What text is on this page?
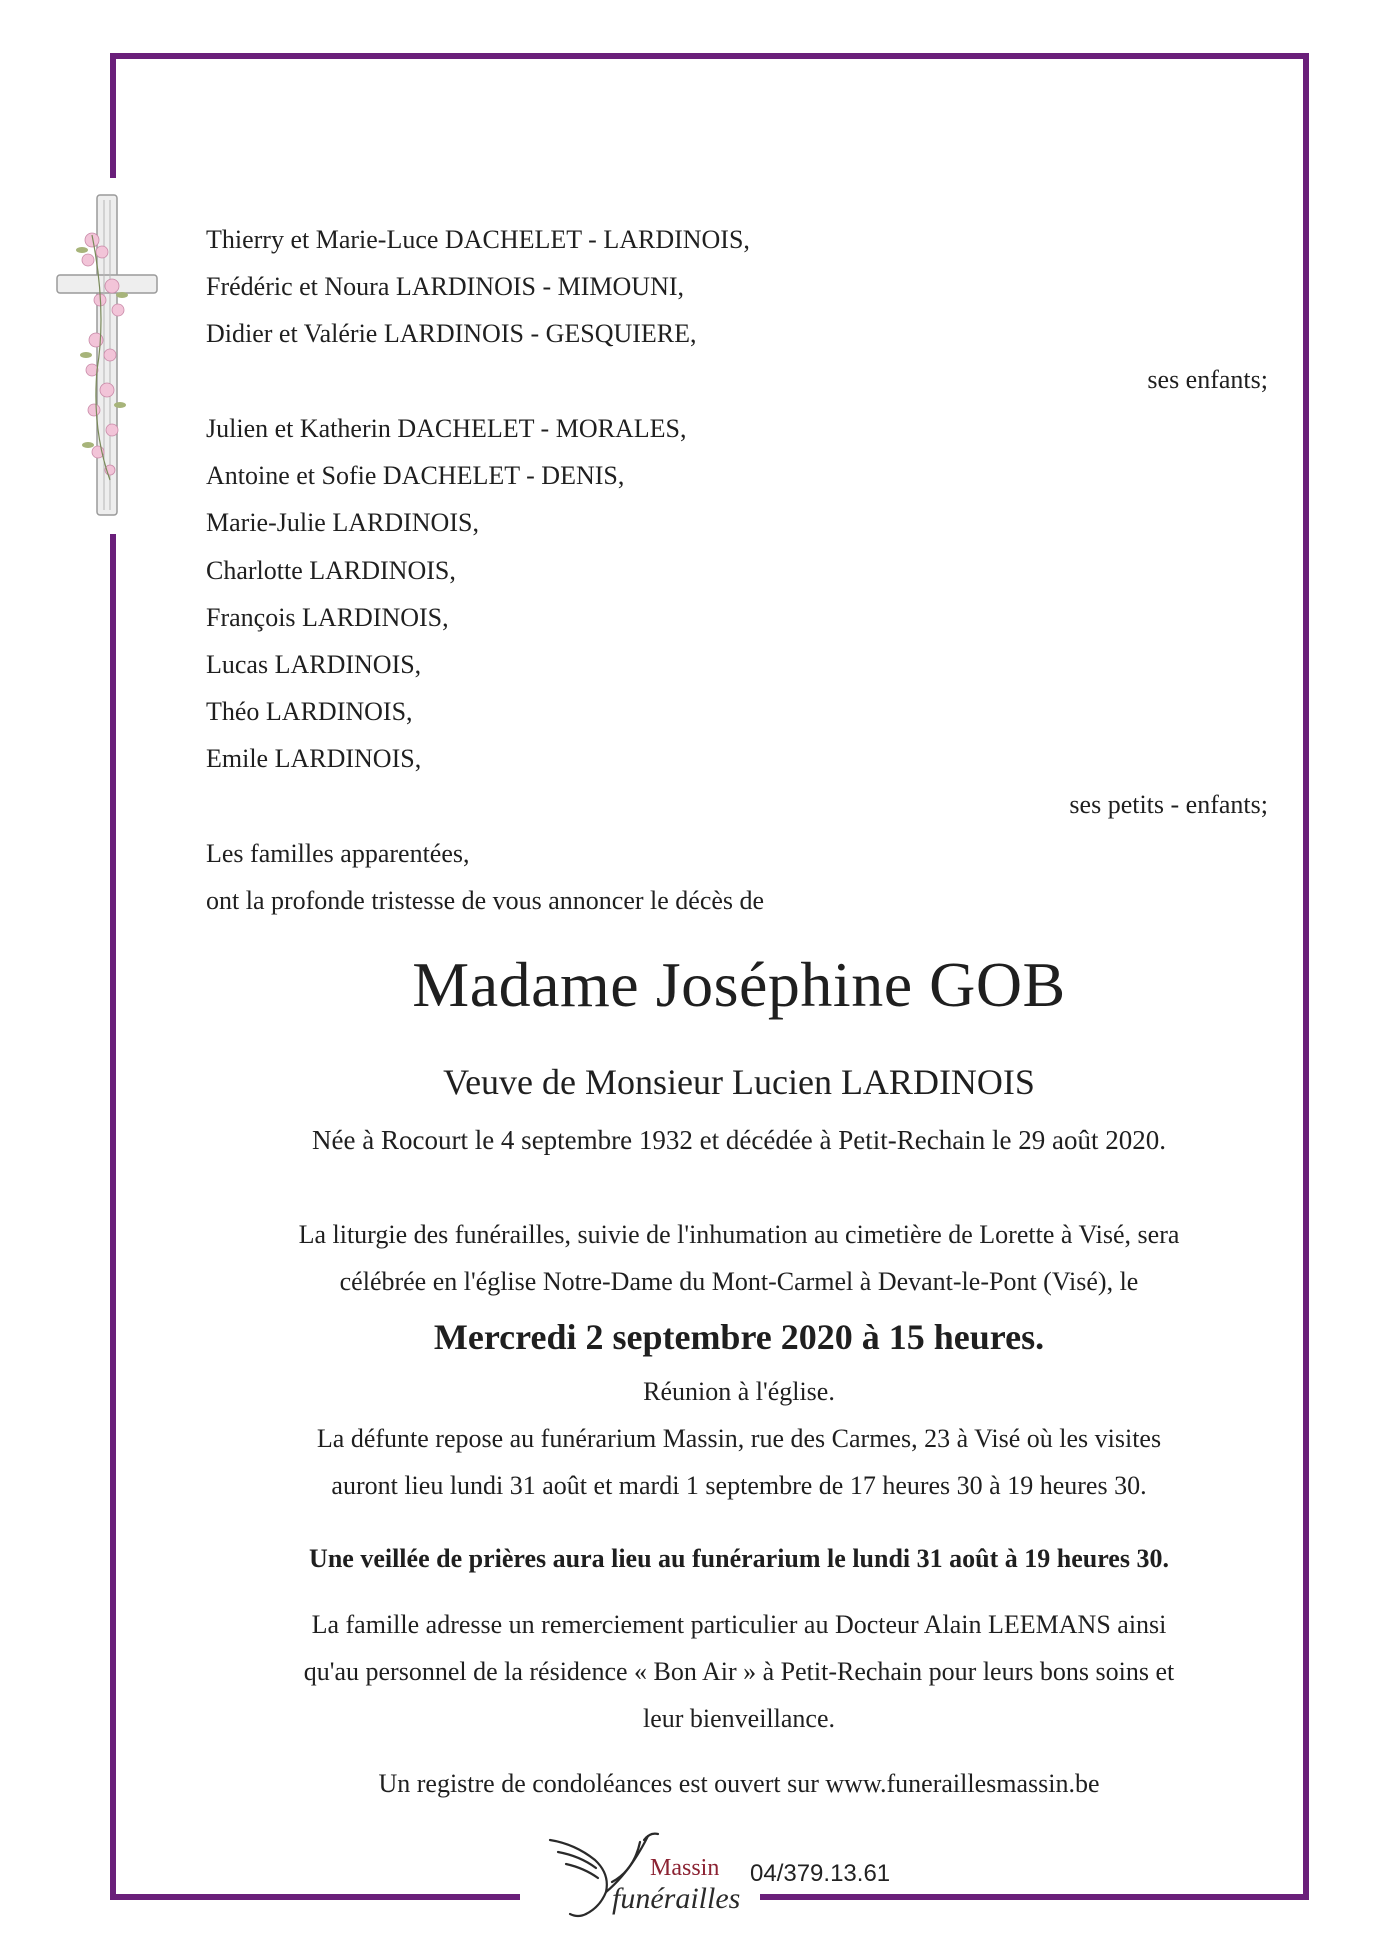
Thierry et Marie-Luce DACHELET - LARDINOIS,
Frédéric et Noura LARDINOIS - MIMOUNI,
Didier et Valérie LARDINOIS - GESQUIERE,
ses enfants;
Julien et Katherin DACHELET - MORALES,
Antoine et Sofie DACHELET - DENIS,
Marie-Julie LARDINOIS,
Charlotte LARDINOIS,
François LARDINOIS,
Lucas LARDINOIS,
Théo LARDINOIS,
Emile LARDINOIS,
ses petits - enfants;
Les familles apparentées,
ont la profonde tristesse de vous annoncer le décès de
Madame Joséphine GOB
Veuve de Monsieur Lucien LARDINOIS
Née à Rocourt le 4 septembre 1932 et décédée à Petit-Rechain le 29 août 2020.
La liturgie des funérailles, suivie de l'inhumation au cimetière de Lorette à Visé, sera
célébrée en l'église Notre-Dame du Mont-Carmel à Devant-le-Pont (Visé), le
Mercredi 2 septembre 2020 à 15 heures.
Réunion à l'église.
La défunte repose au funérarium Massin, rue des Carmes, 23 à Visé où les visites
auront lieu lundi 31 août et mardi 1 septembre de 17 heures 30 à 19 heures 30.
Une veillée de prières aura lieu au funérarium le lundi 31 août à 19 heures 30.
La famille adresse un remerciement particulier au Docteur Alain LEEMANS ainsi
qu'au personnel de la résidence « Bon Air » à Petit-Rechain pour leurs bons soins et
leur bienveillance.
Un registre de condoléances est ouvert sur www.funeraillesmassin.be
Massin
funérailles
04/379.13.61
